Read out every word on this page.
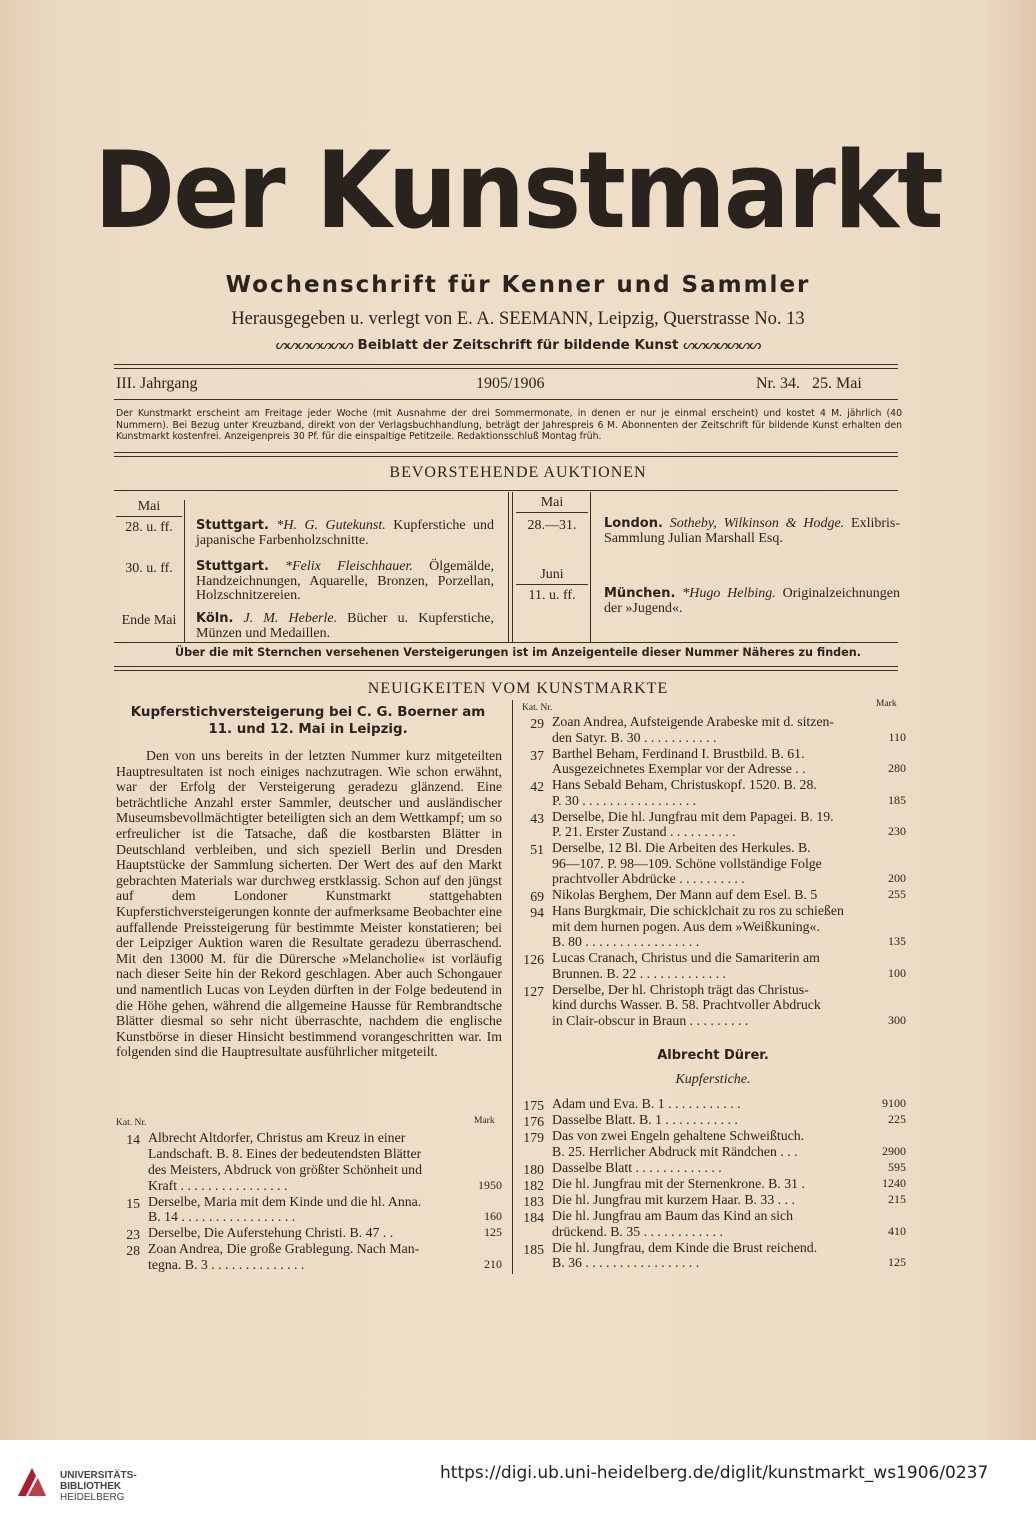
Der Kunstmarkt
Wochenschrift für Kenner und Sammler
Herausgegeben u. verlegt von E. A. SEEMANN, Leipzig, Querstrasse No. 13
ᔕᔕᔕᔕᔕᔕᔕ Beiblatt der Zeitschrift für bildende Kunst ᔕᔕᔕᔕᔕᔕᔕ
III. Jahrgang	1905/1906	Nr. 34.   25. Mai
Der Kunstmarkt erscheint am Freitage jeder Woche (mit Ausnahme der drei Sommermonate, in denen er nur je einmal erscheint) und kostet 4 M. jährlich (40 Nummern). Bei Bezug unter Kreuzband, direkt von der Verlagsbuchhandlung, beträgt der Jahrespreis 6 M. Abonnenten der Zeitschrift für bildende Kunst erhalten den Kunstmarkt kostenfrei. Anzeigenpreis 30 Pf. für die einspaltige Petitzeile. Redaktionsschluß Montag früh.
BEVORSTEHENDE AUKTIONEN
Mai	Mai
Juni
28. u. ff.	Stuttgart. *H. G. Gutekunst. Kupferstiche und japanische Farbenholzschnitte.
30. u. ff.	Stuttgart. *Felix Fleischhauer. Ölgemälde, Handzeichnungen, Aquarelle, Bronzen, Porzellan, Holzschnitzereien.
Ende Mai	Köln. J. M. Heberle. Bücher u. Kupferstiche, Münzen und Medaillen.
28.—31.	London. Sotheby, Wilkinson & Hodge. Exlibris-Sammlung Julian Marshall Esq.
11. u. ff.	München. *Hugo Helbing. Originalzeichnungen der »Jugend«.
Über die mit Sternchen versehenen Versteigerungen ist im Anzeigenteile dieser Nummer Näheres zu finden.
NEUIGKEITEN VOM KUNSTMARKTE
Kupferstichversteigerung bei C. G. Boerner am 11. und 12. Mai in Leipzig.
Den von uns bereits in der letzten Nummer kurz mitgeteilten Hauptresultaten ist noch einiges nachzutragen. Wie schon erwähnt, war der Erfolg der Versteigerung geradezu glänzend. Eine beträchtliche Anzahl erster Sammler, deutscher und ausländischer Museumsbevollmächtigter beteiligten sich an dem Wettkampf; um so erfreulicher ist die Tatsache, daß die kostbarsten Blätter in Deutschland verbleiben, und sich speziell Berlin und Dresden Hauptstücke der Sammlung sicherten. Der Wert des auf den Markt gebrachten Materials war durchweg erstklassig. Schon auf den jüngst auf dem Londoner Kunstmarkt stattgehabten Kupferstichversteigerungen konnte der aufmerksame Beobachter eine auffallende Preissteigerung für bestimmte Meister konstatieren; bei der Leipziger Auktion waren die Resultate geradezu überraschend. Mit den 13000 M. für die Dürersche »Melancholie« ist vorläufig nach dieser Seite hin der Rekord geschlagen. Aber auch Schongauer und namentlich Lucas von Leyden dürften in der Folge bedeutend in die Höhe gehen, während die allgemeine Hausse für Rembrandtsche Blätter diesmal so sehr nicht überraschte, nachdem die englische Kunstbörse in dieser Hinsicht bestimmend vorangeschritten war. Im folgenden sind die Hauptresultate ausführlicher mitgeteilt.
Kat. Nr.	Mark
14 Albrecht Altdorfer, Christus am Kreuz in einer
Landschaft. B. 8. Eines der bedeutendsten Blätter
des Meisters, Abdruck von größter Schönheit und
Kraft . . . . . . . . . . . . . . . .	1950
15 Derselbe, Maria mit dem Kinde und die hl. Anna.
B. 14 . . . . . . . . . . . . . . . . .	160
23 Derselbe, Die Auferstehung Christi. B. 47 . .	125
28 Zoan Andrea, Die große Grablegung. Nach Man-
tegna. B. 3 . . . . . . . . . . . . . .	210
Kat. Nr.	Mark
29 Zoan Andrea, Aufsteigende Arabeske mit d. sitzen-
den Satyr. B. 30 . . . . . . . . . . .	110
37 Barthel Beham, Ferdinand I. Brustbild. B. 61.
Ausgezeichnetes Exemplar vor der Adresse . .	280
42 Hans Sebald Beham, Christuskopf. 1520. B. 28.
P. 30 . . . . . . . . . . . . . . . . .	185
43 Derselbe, Die hl. Jungfrau mit dem Papagei. B. 19.
P. 21. Erster Zustand . . . . . . . . . .	230
51 Derselbe, 12 Bl. Die Arbeiten des Herkules. B.
96—107. P. 98—109. Schöne vollständige Folge
prachtvoller Abdrücke . . . . . . . . . .	200
69 Nikolas Berghem, Der Mann auf dem Esel. B. 5	255
94 Hans Burgkmair, Die schicklchait zu ros zu schießen
mit dem hurnen pogen. Aus dem »Weißkuning«.
B. 80 . . . . . . . . . . . . . . . . .	135
126 Lucas Cranach, Christus und die Samariterin am
Brunnen. B. 22 . . . . . . . . . . . . .	100
127 Derselbe, Der hl. Christoph trägt das Christus-
kind durchs Wasser. B. 58. Prachtvoller Abdruck
in Clair-obscur in Braun . . . . . . . . .	300
Albrecht Dürer.
Kupferstiche.
175 Adam und Eva. B. 1 . . . . . . . . . . .	9100
176 Dasselbe Blatt. B. 1 . . . . . . . . . . .	225
179 Das von zwei Engeln gehaltene Schweißtuch.
B. 25. Herrlicher Abdruck mit Rändchen . . .	2900
180 Dasselbe Blatt . . . . . . . . . . . . .	595
182 Die hl. Jungfrau mit der Sternenkrone. B. 31 .	1240
183 Die hl. Jungfrau mit kurzem Haar. B. 33 . . .	215
184 Die hl. Jungfrau am Baum das Kind an sich
drückend. B. 35 . . . . . . . . . . . .	410
185 Die hl. Jungfrau, dem Kinde die Brust reichend.
B. 36 . . . . . . . . . . . . . . . . .	125
UNIVERSITÄTS-
BIBLIOTHEK
HEIDELBERG
https://digi.ub.uni-heidelberg.de/diglit/kunstmarkt_ws1906/0237
